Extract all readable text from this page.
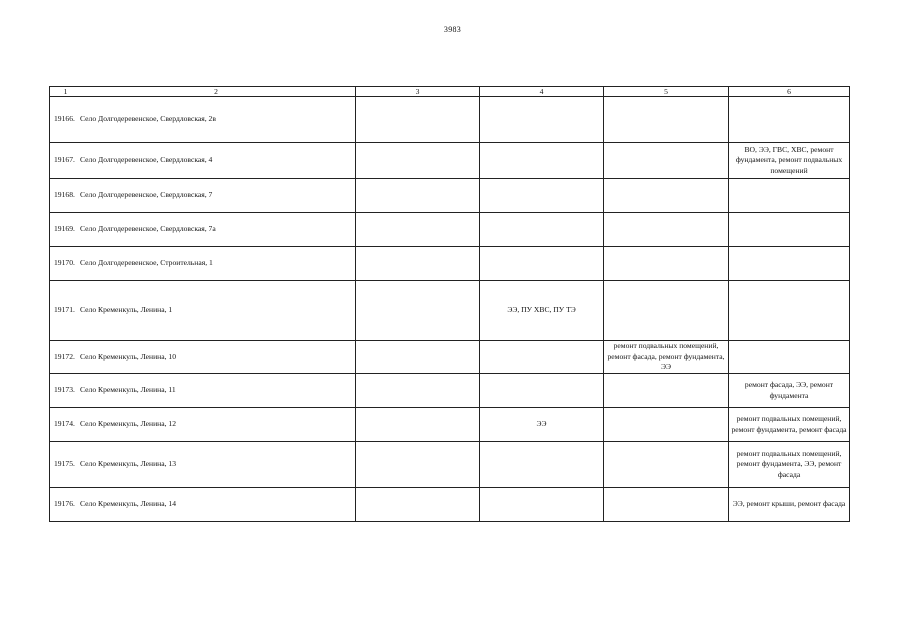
3983
1 2	3	4	5	6
19166. Село Долгодеревенское, Свердловская, 2в				
19167. Село Долгодеревенское, Свердловская, 4				ВО, ЭЭ, ГВС, ХВС, ремонт фундамента, ремонт подвальных помещений
19168. Село Долгодеревенское, Свердловская, 7				
19169. Село Долгодеревенское, Свердловская, 7а				
19170. Село Долгодеревенское, Строительная, 1				
19171. Село Кременкуль, Ленина, 1		ЭЭ, ПУ ХВС, ПУ ТЭ		
19172. Село Кременкуль, Ленина, 10			ремонт подвальных помещений, ремонт фасада, ремонт фундамента, ЭЭ	
19173. Село Кременкуль, Ленина, 11				ремонт фасада, ЭЭ, ремонт фундамента
19174. Село Кременкуль, Ленина, 12		ЭЭ		ремонт подвальных помещений, ремонт фундамента, ремонт фасада
19175. Село Кременкуль, Ленина, 13				ремонт подвальных помещений, ремонт фундамента, ЭЭ, ремонт фасада
19176. Село Кременкуль, Ленина, 14				ЭЭ, ремонт крыши, ремонт фасада
